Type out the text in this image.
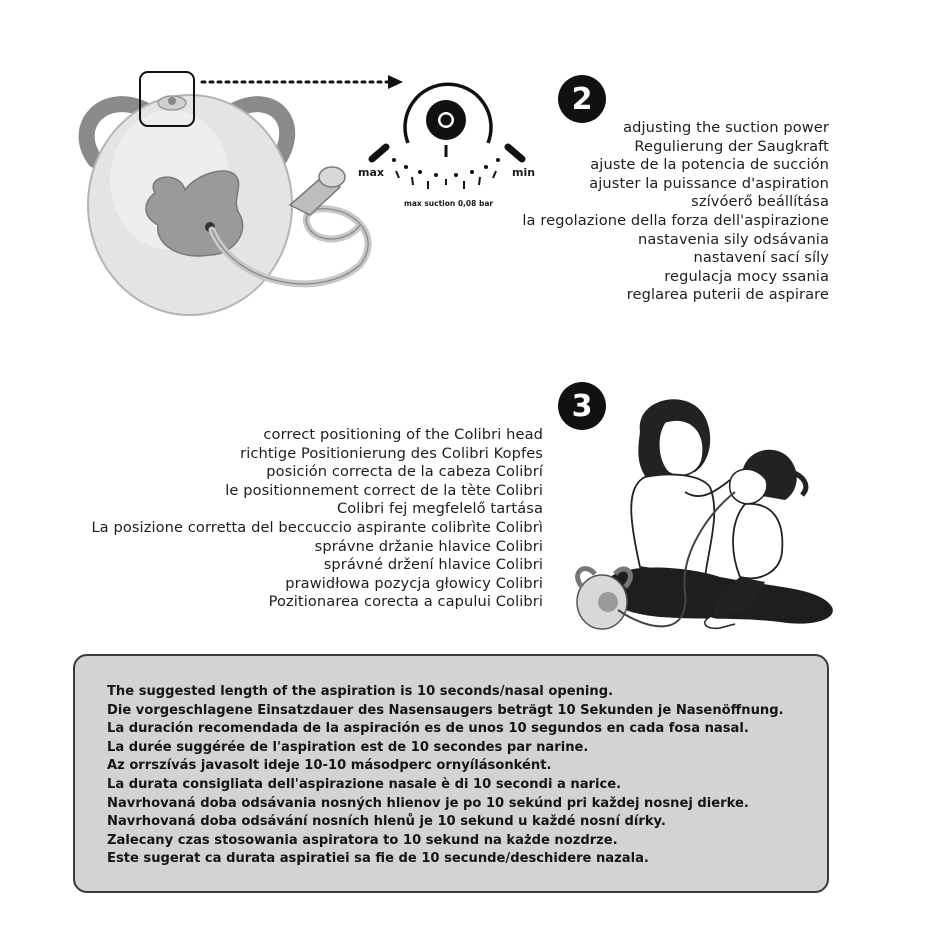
max	min
max suction 0,08 bar
2
adjusting the suction power
Regulierung der Saugkraft
ajuste de la potencia de succión
ajuster la puissance d'aspiration
szívóerő beállítása
la regolazione della forza dell'aspirazione
nastavenia sily odsávania
nastavení sací síly
regulacja mocy ssania
reglarea puterii de aspirare
3
correct positioning of the Colibri head
richtige Positionierung des Colibri Kopfes
posición correcta de la cabeza Colibrí
le positionnement correct de la tète Colibri
Colibri fej megfelelő tartása
La posizione corretta del beccuccio aspirante colibrìte Colibrì
správne držanie hlavice Colibri
správné držení hlavice Colibri
prawidłowa pozycja głowicy Colibri
Pozitionarea corecta a capului Colibri
The suggested length of the aspiration is 10 seconds/nasal opening.
Die vorgeschlagene Einsatzdauer des Nasensaugers beträgt 10 Sekunden je Nasenöffnung.
La duración recomendada de la aspiración es de unos 10 segundos en cada fosa nasal.
La durée suggérée de l'aspiration est de 10 secondes par narine.
Az orrszívás javasolt ideje 10-10 másodperc ornyílásonként.
La durata consigliata dell'aspirazione nasale è di 10 secondi a narice.
Navrhovaná doba odsávania nosných hlienov je po 10 sekúnd pri každej nosnej dierke.
Navrhovaná doba odsávání nosních hlenů je 10 sekund u každé nosní dírky.
Zalecany czas stosowania aspiratora to 10 sekund na każde nozdrze.
Este sugerat ca durata aspiratiei sa fie de 10 secunde/deschidere nazala.
